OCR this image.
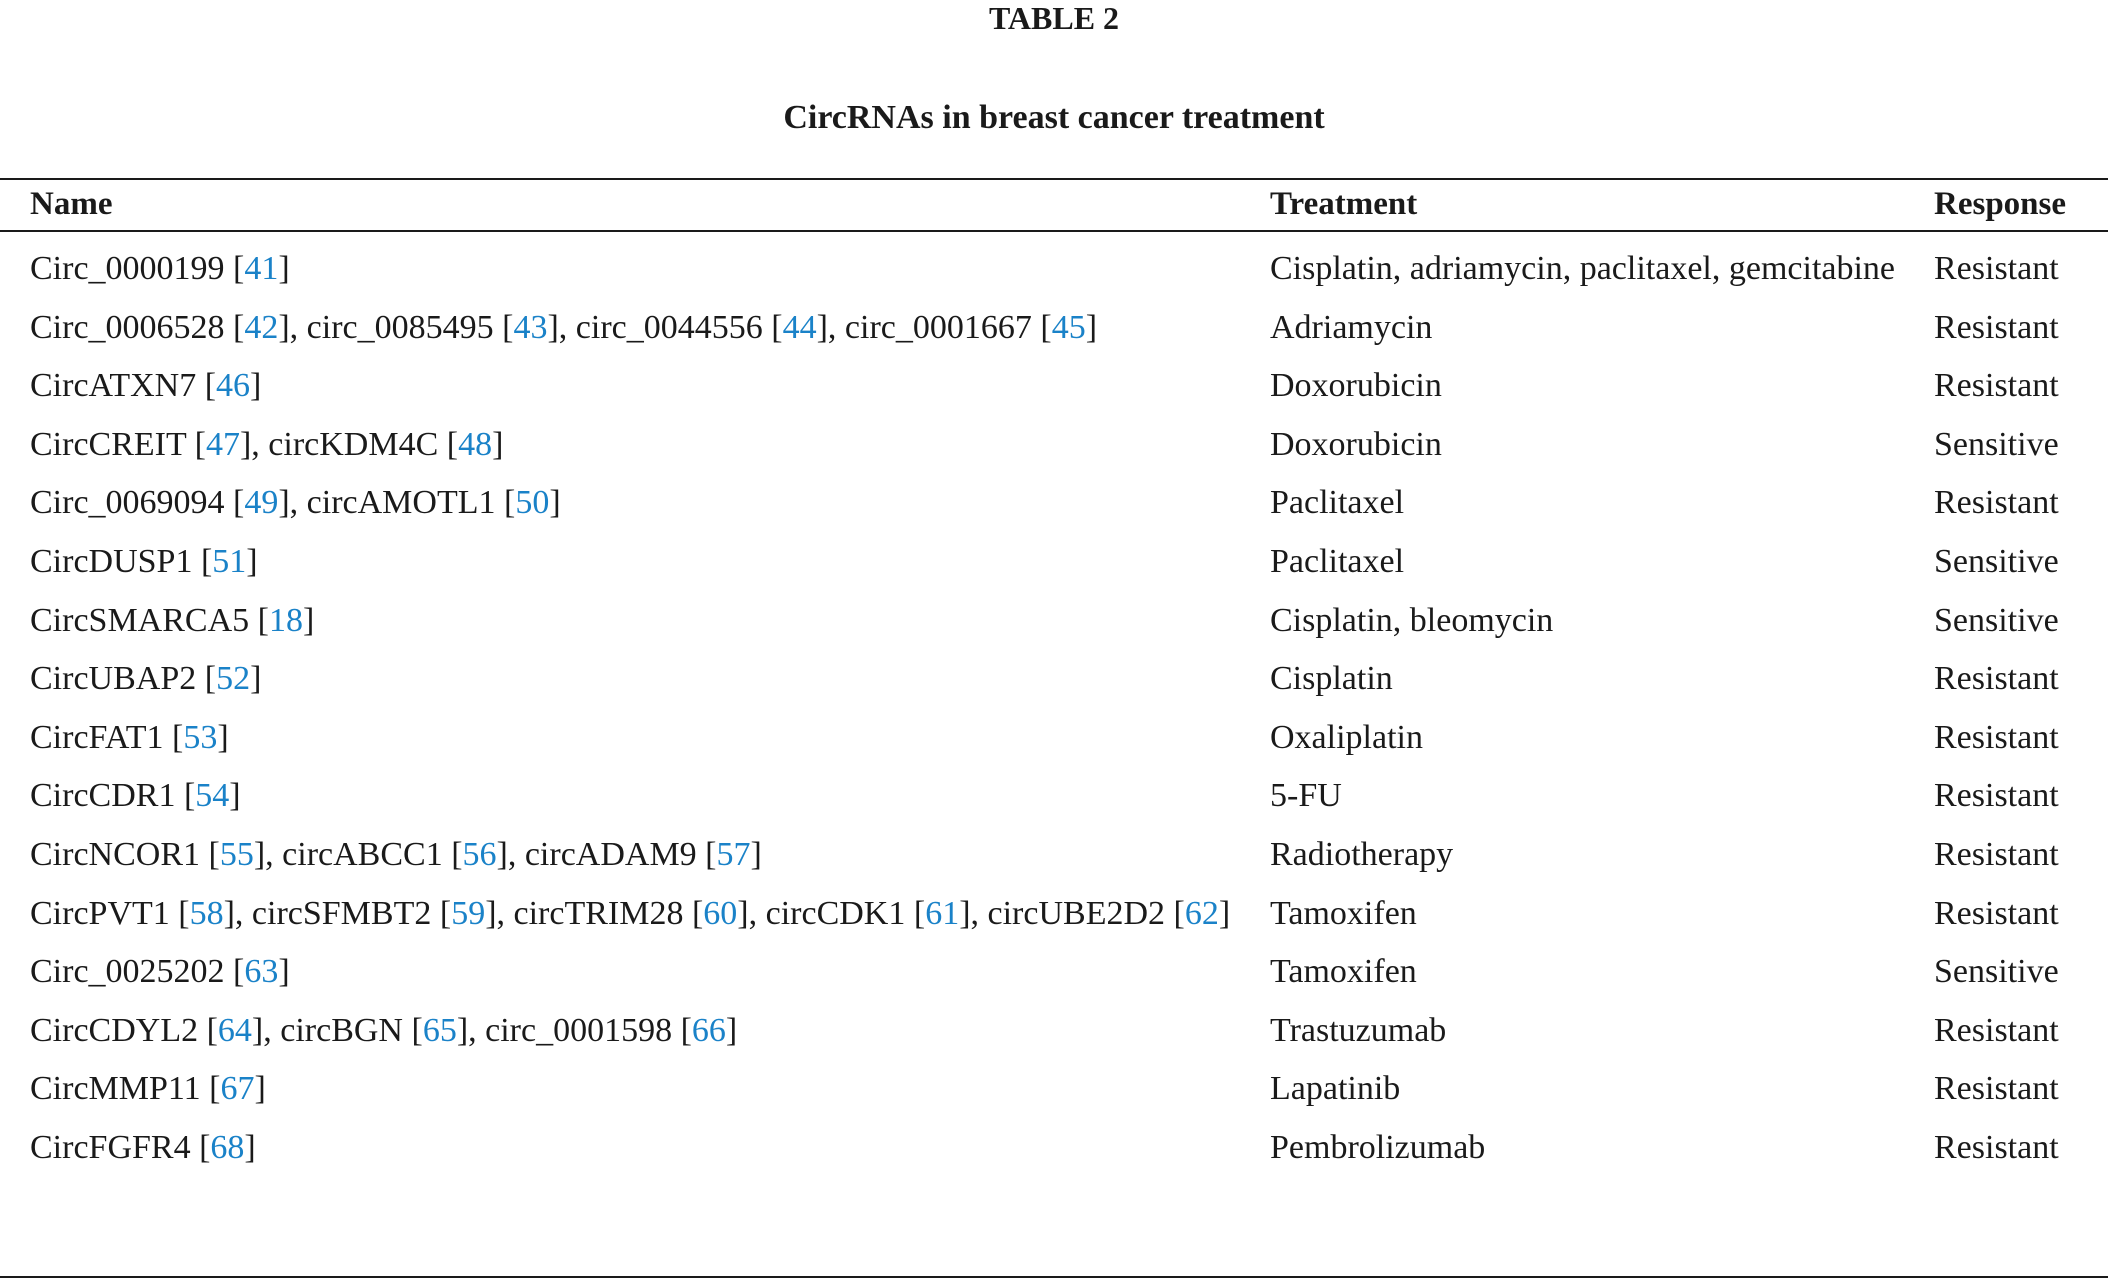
TABLE 2
CircRNAs in breast cancer treatment
Name	Treatment	Response

Circ_0000199 [41]	Cisplatin, adriamycin, paclitaxel, gemcitabine	Resistant
Circ_0006528 [42], circ_0085495 [43], circ_0044556 [44], circ_0001667 [45]	Adriamycin	Resistant
CircATXN7 [46]	Doxorubicin	Resistant
CircCREIT [47], circKDM4C [48]	Doxorubicin	Sensitive
Circ_0069094 [49], circAMOTL1 [50]	Paclitaxel	Resistant
CircDUSP1 [51]	Paclitaxel	Sensitive
CircSMARCA5 [18]	Cisplatin, bleomycin	Sensitive
CircUBAP2 [52]	Cisplatin	Resistant
CircFAT1 [53]	Oxaliplatin	Resistant
CircCDR1 [54]	5-FU	Resistant
CircNCOR1 [55], circABCC1 [56], circADAM9 [57]	Radiotherapy	Resistant
CircPVT1 [58], circSFMBT2 [59], circTRIM28 [60], circCDK1 [61], circUBE2D2 [62]	Tamoxifen	Resistant
Circ_0025202 [63]	Tamoxifen	Sensitive
CircCDYL2 [64], circBGN [65], circ_0001598 [66]	Trastuzumab	Resistant
CircMMP11 [67]	Lapatinib	Resistant
CircFGFR4 [68]	Pembrolizumab	Resistant
